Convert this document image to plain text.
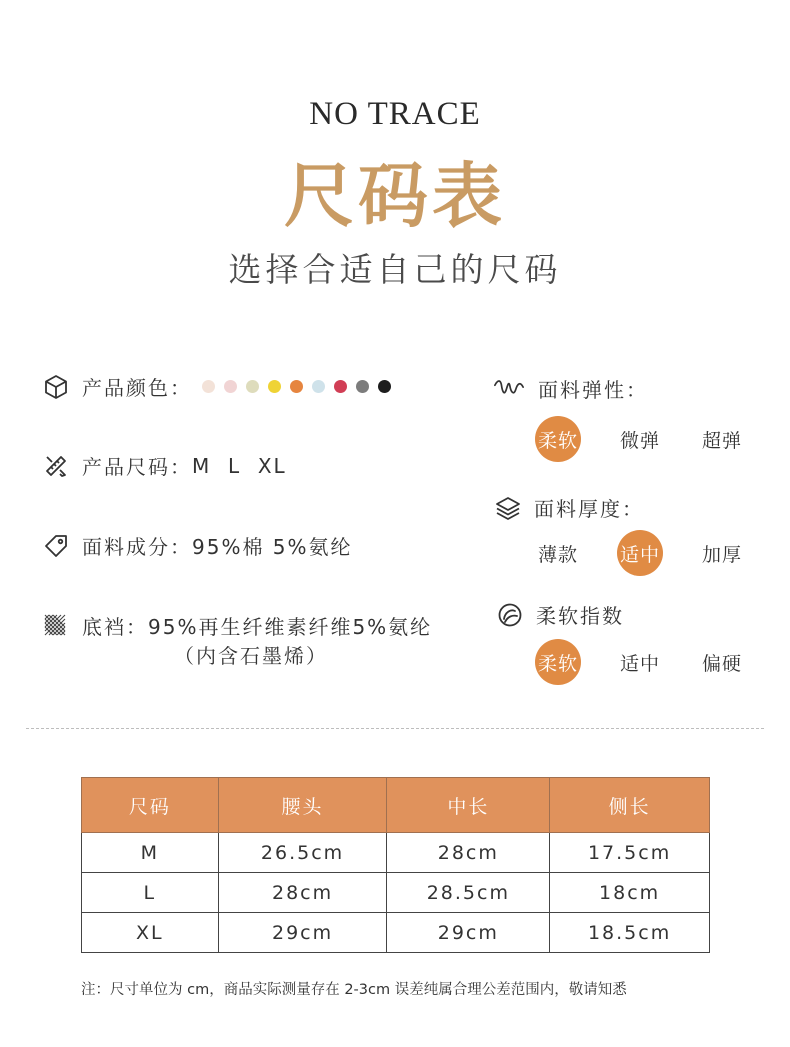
NO TRACE
尺码表
选择合适自己的尺码
产品颜色：
产品尺码： M  L  XL
面料成分： 95%棉 5%氨纶
底裆： 95%再生纤维素纤维5%氨纶
（内含石墨烯）
面料弹性：
柔软 微弹 超弹
面料厚度：
薄款 适中 加厚
柔软指数
柔软 适中 偏硬
尺码	腰头	中长	侧长
M	26.5cm	28cm	17.5cm
L	28cm	28.5cm	18cm
XL	29cm	29cm	18.5cm
注：尺寸单位为 cm，商品实际测量存在 2-3cm 误差纯属合理公差范围内，敬请知悉
